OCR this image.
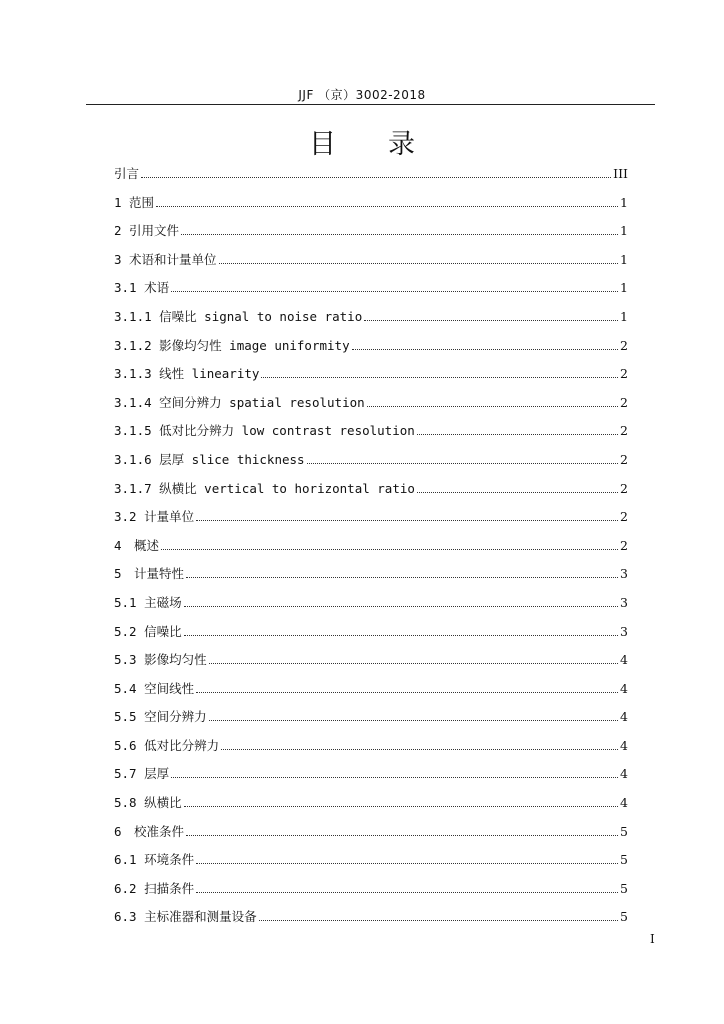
JJF （京）3002-2018
目 录
引言	III
1 范围	1
2 引用文件	1
3 术语和计量单位	1
3.1 术语	1
3.1.1 信噪比 signal to noise ratio	1
3.1.2 影像均匀性 image uniformity	2
3.1.3 线性 linearity	2
3.1.4 空间分辨力 spatial resolution	2
3.1.5 低对比分辨力 low contrast resolution	2
3.1.6 层厚 slice thickness	2
3.1.7 纵横比 vertical to horizontal ratio	2
3.2 计量单位	2
4　概述	2
5　计量特性	3
5.1 主磁场	3
5.2 信噪比	3
5.3 影像均匀性	4
5.4 空间线性	4
5.5 空间分辨力	4
5.6 低对比分辨力	4
5.7 层厚	4
5.8 纵横比	4
6　校准条件	5
6.1 环境条件	5
6.2 扫描条件	5
6.3 主标准器和测量设备	5
I
